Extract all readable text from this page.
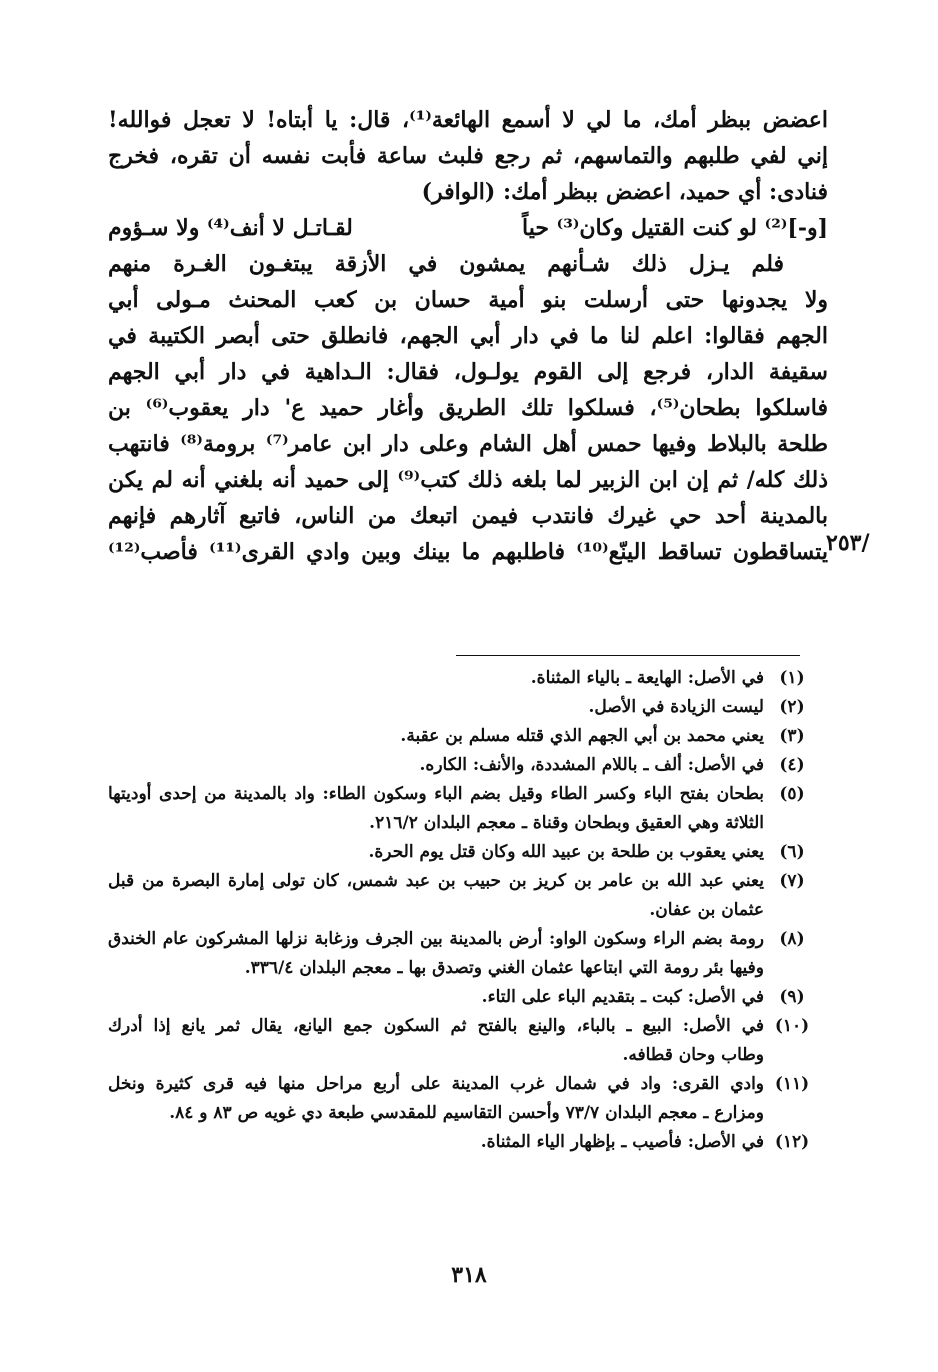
اعضض ببظر أمك، ما لي لا أسمع الهائعة⁽¹⁾، قال: يا أبتاه! لا تعجل فوالله!
إني لفي طلبهم والتماسهم، ثم رجع فلبث ساعة فأبت نفسه أن تقره، فخرج
فنادى: أي حميد، اعضض ببظر أمك: (الوافر)
[و-]⁽²⁾ لو كنت القتيل وكان⁽³⁾ حياً
لقـاتـل لا أنف⁽⁴⁾ ولا سـؤوم
فلم يـزل ذلك شـأنهم يمشون في الأزقة يبتغـون الغـرة منهم
ولا يجدونها حتى أرسلت بنو أمية حسان بن كعب المحنث مـولى أبي
الجهم فقالوا: اعلم لنا ما في دار أبي الجهم، فانطلق حتى أبصر الكتيبة في
سقيفة الدار، فرجع إلى القوم يولـول، فقال: الـداهية في دار أبي الجهم
فاسلكوا بطحان⁽⁵⁾، فسلكوا تلك الطريق وأغار حميد ع' دار يعقوب⁽⁶⁾ بن
طلحة بالبلاط وفيها حمس أهل الشام وعلى دار ابن عامر⁽⁷⁾ برومة⁽⁸⁾ فانتهب
ذلك كله/ ثم إن ابن الزبير لما بلغه ذلك كتب⁽⁹⁾ إلى حميد أنه بلغني أنه لم يكن
بالمدينة أحد حي غيرك فانتدب فيمن اتبعك من الناس، فاتبع آثارهم فإنهم
يتساقطون تساقط الينّع⁽¹⁰⁾ فاطلبهم ما بينك وبين وادي القرى⁽¹¹⁾ فأصب⁽¹²⁾
/٢٥٣
(١)
في الأصل: الهايعة ـ بالياء المثناة.
(٢)
ليست الزيادة في الأصل.
(٣)
يعني محمد بن أبي الجهم الذي قتله مسلم بن عقبة.
(٤)
في الأصل: ألف ـ باللام المشددة، والأنف: الكاره.
(٥)
بطحان بفتح الباء وكسر الطاء وقيل بضم الباء وسكون الطاء: واد بالمدينة من إحدى أوديتها
الثلاثة وهي العقيق وبطحان وقناة ـ معجم البلدان ٢١٦/٢.
(٦)
يعني يعقوب بن طلحة بن عبيد الله وكان قتل يوم الحرة.
(٧)
يعني عبد الله بن عامر بن كريز بن حبيب بن عبد شمس، كان تولى إمارة البصرة من قبل
عثمان بن عفان.
(٨)
رومة بضم الراء وسكون الواو: أرض بالمدينة بين الجرف وزغابة نزلها المشركون عام الخندق
وفيها بئر رومة التي ابتاعها عثمان الغني وتصدق بها ـ معجم البلدان ٣٣٦/٤.
(٩)
في الأصل: كبت ـ بتقديم الباء على التاء.
(١٠)
في الأصل: البيع ـ بالباء، والينع بالفتح ثم السكون جمع اليانع، يقال ثمر يانع إذا أدرك
وطاب وحان قطافه.
(١١)
وادي القرى: واد في شمال غرب المدينة على أربع مراحل منها فيه قرى كثيرة ونخل
ومزارع ـ معجم البلدان ٧٣/٧ وأحسن التقاسيم للمقدسي طبعة دي غويه ص ٨٣ و ٨٤.
(١٢)
في الأصل: فأصيب ـ بإظهار الياء المثناة.
٣١٨
